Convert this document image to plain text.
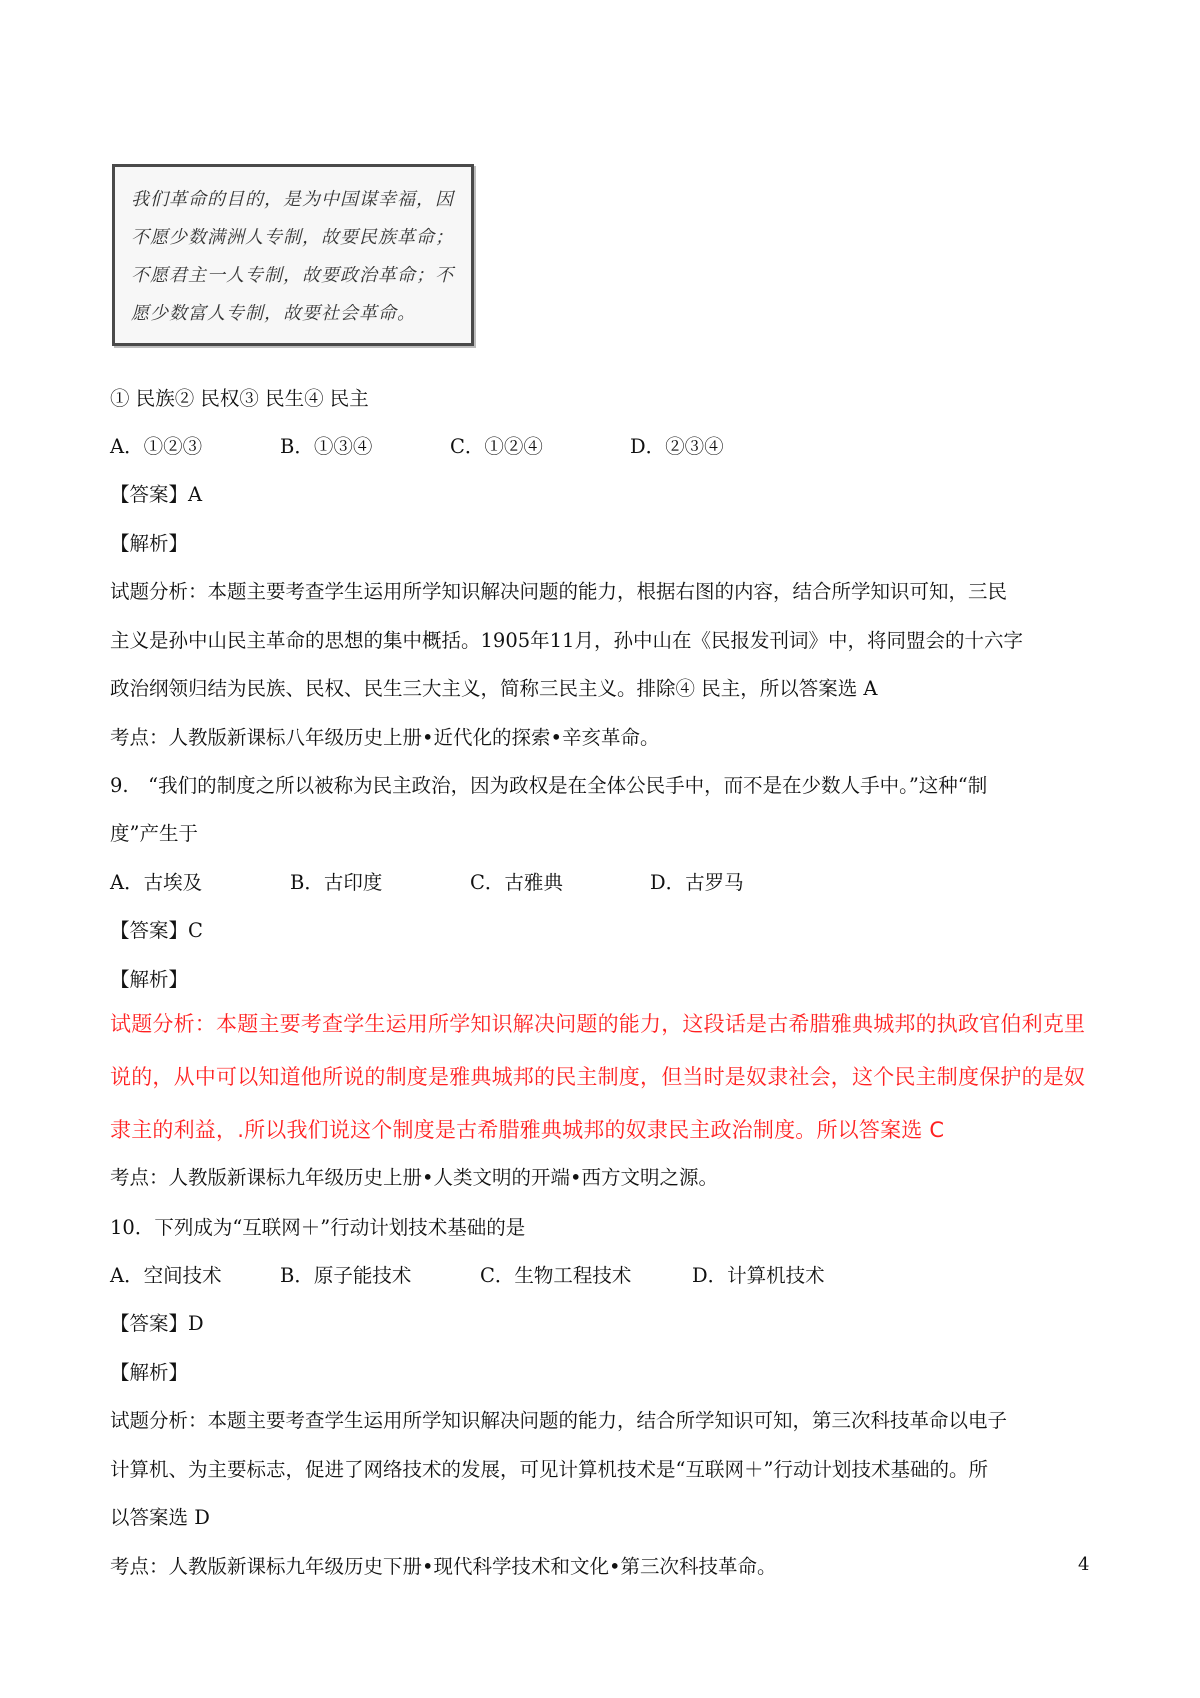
我们革命的目的，是为中国谋幸福，因
不愿少数满洲人专制，故要民族革命；
不愿君主一人专制，故要政治革命；不
愿少数富人专制，故要社会革命。
① 民族② 民权③ 民生④ 民主
A．①②③	B．①③④	C．①②④	D．②③④
【答案】A
【解析】
试题分析：本题主要考查学生运用所学知识解决问题的能力，根据右图的内容，结合所学知识可知，三民
主义是孙中山民主革命的思想的集中概括。1905年11月，孙中山在《民报发刊词》中，将同盟会的十六字
政治纲领归结为民族、民权、民生三大主义，简称三民主义。排除④ 民主，所以答案选 A
考点：人教版新课标八年级历史上册•近代化的探索•辛亥革命。
9.　“我们的制度之所以被称为民主政治，因为政权是在全体公民手中，而不是在少数人手中。”这种“制
度”产生于
A．古埃及	B．古印度	C．古雅典	D．古罗马
【答案】C
【解析】
试题分析：本题主要考查学生运用所学知识解决问题的能力，这段话是古希腊雅典城邦的执政官伯利克里
说的，从中可以知道他所说的制度是雅典城邦的民主制度，但当时是奴隶社会，这个民主制度保护的是奴
隶主的利益，.所以我们说这个制度是古希腊雅典城邦的奴隶民主政治制度。所以答案选 C
考点：人教版新课标九年级历史上册•人类文明的开端•西方文明之源。
10．下列成为“互联网＋”行动计划技术基础的是
A．空间技术	B．原子能技术	C．生物工程技术	D．计算机技术
【答案】D
【解析】
试题分析：本题主要考查学生运用所学知识解决问题的能力，结合所学知识可知，第三次科技革命以电子
计算机、为主要标志，促进了网络技术的发展，可见计算机技术是“互联网＋”行动计划技术基础的。所
以答案选 D
考点：人教版新课标九年级历史下册•现代科学技术和文化•第三次科技革命。	4
